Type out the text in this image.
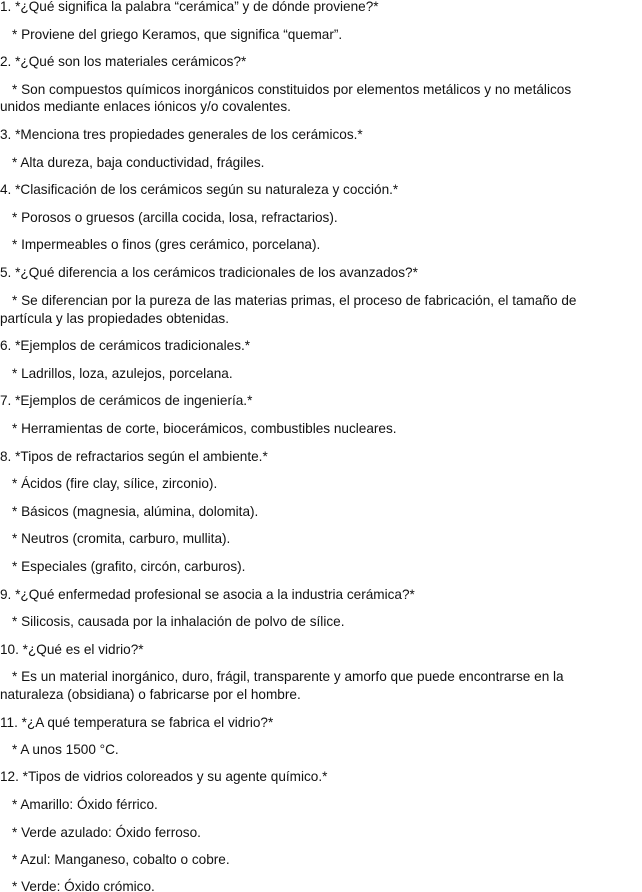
1. *¿Qué significa la palabra “cerámica” y de dónde proviene?*
* Proviene del griego Keramos, que significa “quemar”.
2. *¿Qué son los materiales cerámicos?*
* Son compuestos químicos inorgánicos constituidos por elementos metálicos y no metálicos
unidos mediante enlaces iónicos y/o covalentes.
3. *Menciona tres propiedades generales de los cerámicos.*
* Alta dureza, baja conductividad, frágiles.
4. *Clasificación de los cerámicos según su naturaleza y cocción.*
* Porosos o gruesos (arcilla cocida, losa, refractarios).
* Impermeables o finos (gres cerámico, porcelana).
5. *¿Qué diferencia a los cerámicos tradicionales de los avanzados?*
* Se diferencian por la pureza de las materias primas, el proceso de fabricación, el tamaño de
partícula y las propiedades obtenidas.
6. *Ejemplos de cerámicos tradicionales.*
* Ladrillos, loza, azulejos, porcelana.
7. *Ejemplos de cerámicos de ingeniería.*
* Herramientas de corte, biocerámicos, combustibles nucleares.
8. *Tipos de refractarios según el ambiente.*
* Ácidos (fire clay, sílice, zirconio).
* Básicos (magnesia, alúmina, dolomita).
* Neutros (cromita, carburo, mullita).
* Especiales (grafito, circón, carburos).
9. *¿Qué enfermedad profesional se asocia a la industria cerámica?*
* Silicosis, causada por la inhalación de polvo de sílice.
10. *¿Qué es el vidrio?*
* Es un material inorgánico, duro, frágil, transparente y amorfo que puede encontrarse en la
naturaleza (obsidiana) o fabricarse por el hombre.
11. *¿A qué temperatura se fabrica el vidrio?*
* A unos 1500 °C.
12. *Tipos de vidrios coloreados y su agente químico.*
* Amarillo: Óxido férrico.
* Verde azulado: Óxido ferroso.
* Azul: Manganeso, cobalto o cobre.
* Verde: Óxido crómico.
